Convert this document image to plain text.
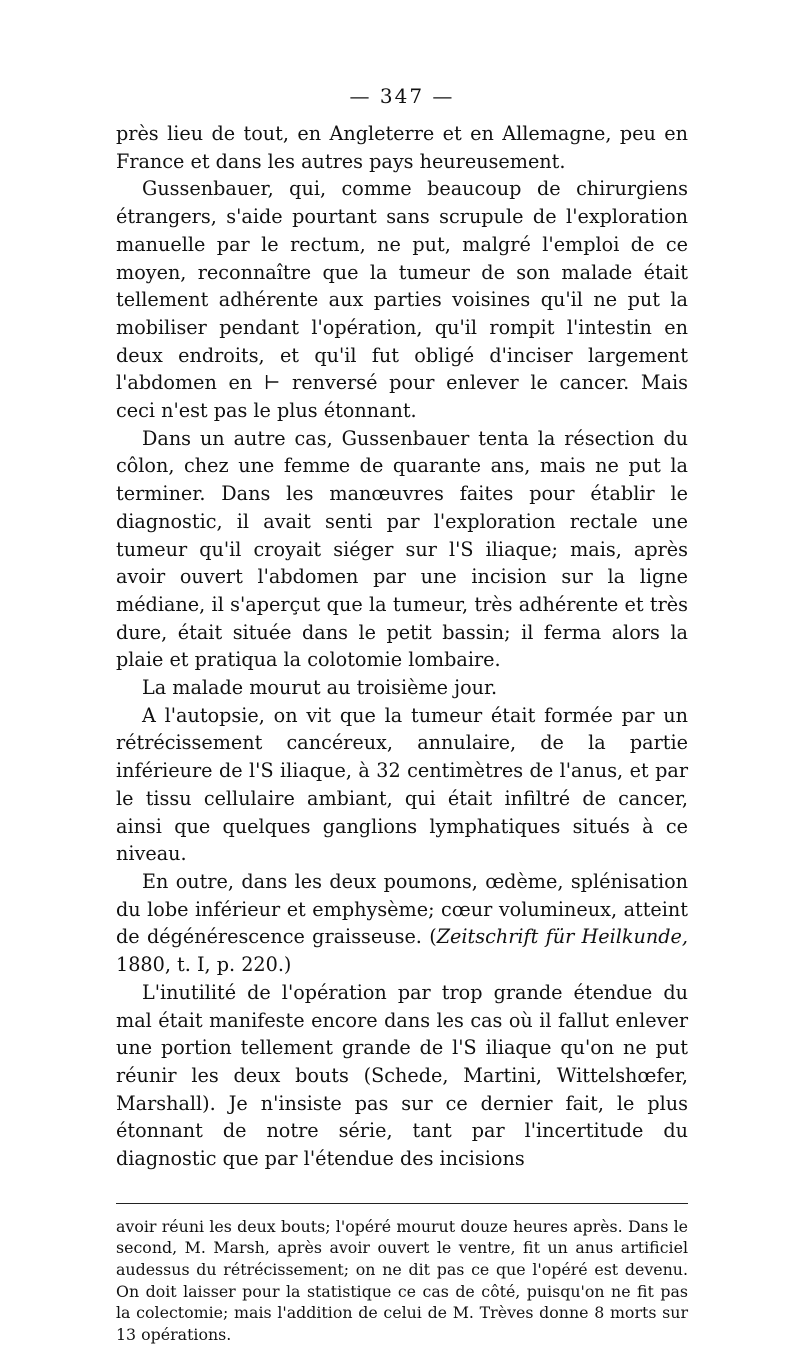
— 347 —

près lieu de tout, en Angleterre et en Allemagne, peu en France et dans les autres pays heureusement.

Gussenbauer, qui, comme beaucoup de chirurgiens étrangers, s'aide pourtant sans scrupule de l'exploration manuelle par le rectum, ne put, malgré l'emploi de ce moyen, reconnaître que la tumeur de son malade était tellement adhérente aux parties voisines qu'il ne put la mobiliser pendant l'opération, qu'il rompit l'intestin en deux endroits, et qu'il fut obligé d'inciser largement l'abdomen en ⊢ renversé pour enlever le cancer. Mais ceci n'est pas le plus étonnant.

Dans un autre cas, Gussenbauer tenta la résection du côlon, chez une femme de quarante ans, mais ne put la terminer. Dans les manœuvres faites pour établir le diagnostic, il avait senti par l'exploration rectale une tumeur qu'il croyait siéger sur l'S iliaque; mais, après avoir ouvert l'abdomen par une incision sur la ligne médiane, il s'aperçut que la tumeur, très adhérente et très dure, était située dans le petit bassin; il ferma alors la plaie et pratiqua la colotomie lombaire.

La malade mourut au troisième jour.

A l'autopsie, on vit que la tumeur était formée par un rétrécissement cancéreux, annulaire, de la partie inférieure de l'S iliaque, à 32 centimètres de l'anus, et par le tissu cellulaire ambiant, qui était infiltré de cancer, ainsi que quelques ganglions lymphatiques situés à ce niveau.

En outre, dans les deux poumons, œdème, splénisation du lobe inférieur et emphysème; cœur volumineux, atteint de dégénérescence graisseuse. (Zeitschrift für Heilkunde, 1880, t. I, p. 220.)

L'inutilité de l'opération par trop grande étendue du mal était manifeste encore dans les cas où il fallut enlever une portion tellement grande de l'S iliaque qu'on ne put réunir les deux bouts (Schede, Martini, Wittelshœfer, Marshall). Je n'insiste pas sur ce dernier fait, le plus étonnant de notre série, tant par l'incertitude du diagnostic que par l'étendue des incisions

avoir réuni les deux bouts; l'opéré mourut douze heures après. Dans le second, M. Marsh, après avoir ouvert le ventre, fit un anus artificiel audessus du rétrécissement; on ne dit pas ce que l'opéré est devenu. On doit laisser pour la statistique ce cas de côté, puisqu'on ne fit pas la colectomie; mais l'addition de celui de M. Trèves donne 8 morts sur 13 opérations.
